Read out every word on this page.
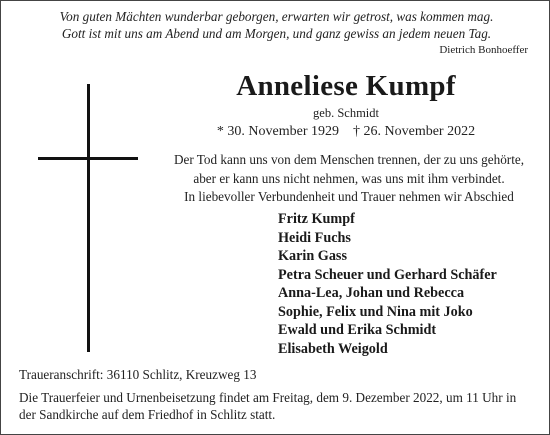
Von guten Mächten wunderbar geborgen, erwarten wir getrost, was kommen mag.
Gott ist mit uns am Abend und am Morgen, und ganz gewiss an jedem neuen Tag.
Dietrich Bonhoeffer
Anneliese Kumpf
geb. Schmidt
* 30. November 1929 † 26. November 2022
Der Tod kann uns von dem Menschen trennen, der zu uns gehörte,
aber er kann uns nicht nehmen, was uns mit ihm verbindet.
In liebevoller Verbundenheit und Trauer nehmen wir Abschied
Fritz Kumpf
Heidi Fuchs
Karin Gass
Petra Scheuer und Gerhard Schäfer
Anna-Lea, Johan und Rebecca
Sophie, Felix und Nina mit Joko
Ewald und Erika Schmidt
Elisabeth Weigold
Traueranschrift: 36110 Schlitz, Kreuzweg 13
Die Trauerfeier und Urnenbeisetzung findet am Freitag, dem 9. Dezember 2022, um 11 Uhr in
der Sandkirche auf dem Friedhof in Schlitz statt.
